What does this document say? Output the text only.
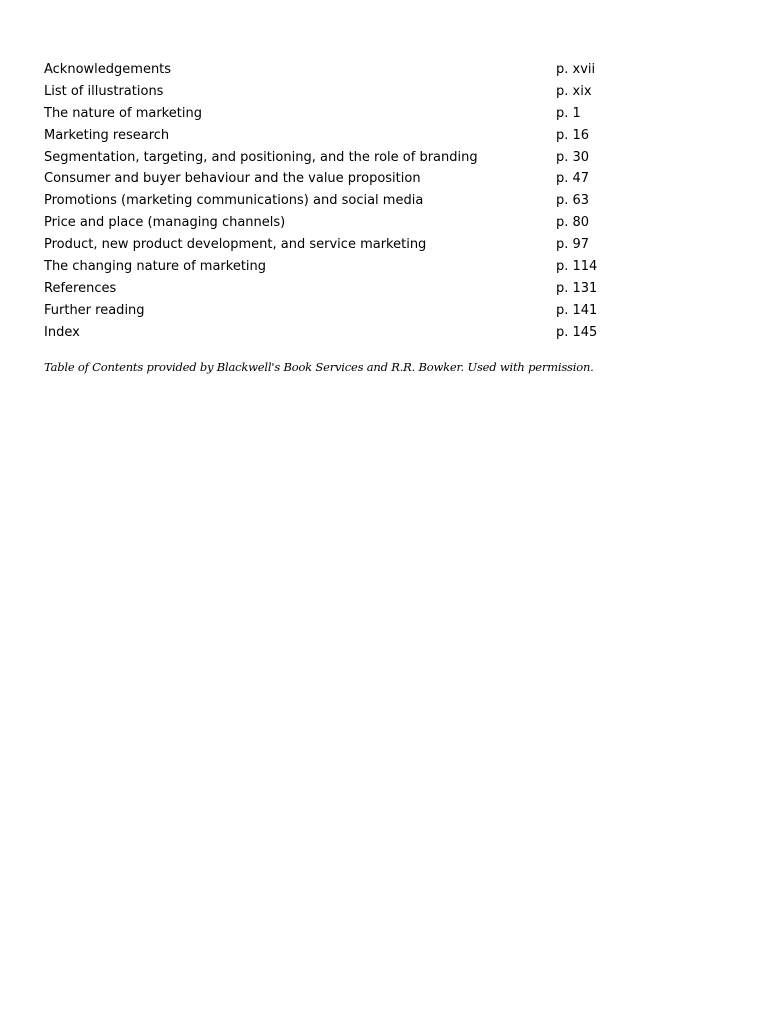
Acknowledgements	p. xvii
List of illustrations	p. xix
The nature of marketing	p. 1
Marketing research	p. 16
Segmentation, targeting, and positioning, and the role of branding	p. 30
Consumer and buyer behaviour and the value proposition	p. 47
Promotions (marketing communications) and social media	p. 63
Price and place (managing channels)	p. 80
Product, new product development, and service marketing	p. 97
The changing nature of marketing	p. 114
References	p. 131
Further reading	p. 141
Index	p. 145
Table of Contents provided by Blackwell's Book Services and R.R. Bowker. Used with permission.
